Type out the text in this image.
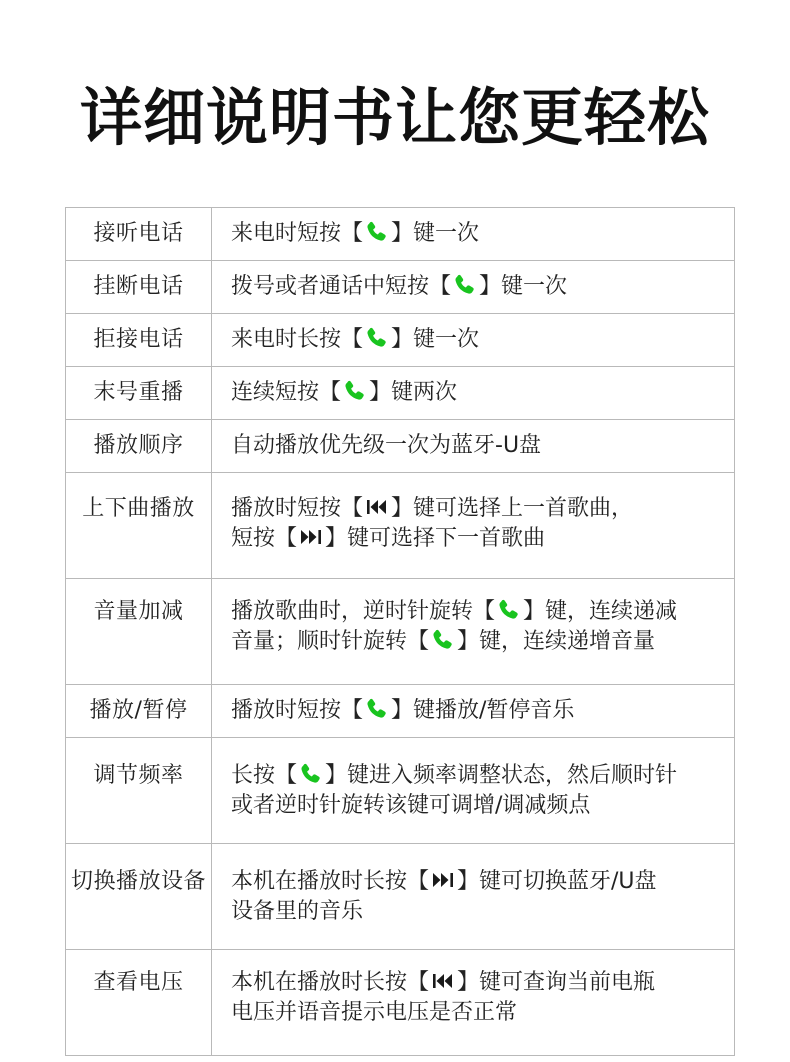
详细说明书让您更轻松
接听电话	来电时短按【 】键一次

挂断电话	拨号或者通话中短按【 】键一次

拒接电话	来电时长按【 】键一次

末号重播	连续短按【 】键两次

播放顺序	自动播放优先级一次为蓝牙-U盘

上下曲播放	播放时短按【 】键可选择上一首歌曲，
短按【 】键可选择下一首歌曲

音量加减	播放歌曲时，逆时针旋转【 】键，连续递减
音量；顺时针旋转【 】键，连续递增音量

播放/暂停	播放时短按【 】键播放/暂停音乐

调节频率	长按【 】键进入频率调整状态，然后顺时针
或者逆时针旋转该键可调增/调减频点

切换播放设备	本机在播放时长按【 】键可切换蓝牙/U盘
设备里的音乐

查看电压	本机在播放时长按【 】键可查询当前电瓶
电压并语音提示电压是否正常
